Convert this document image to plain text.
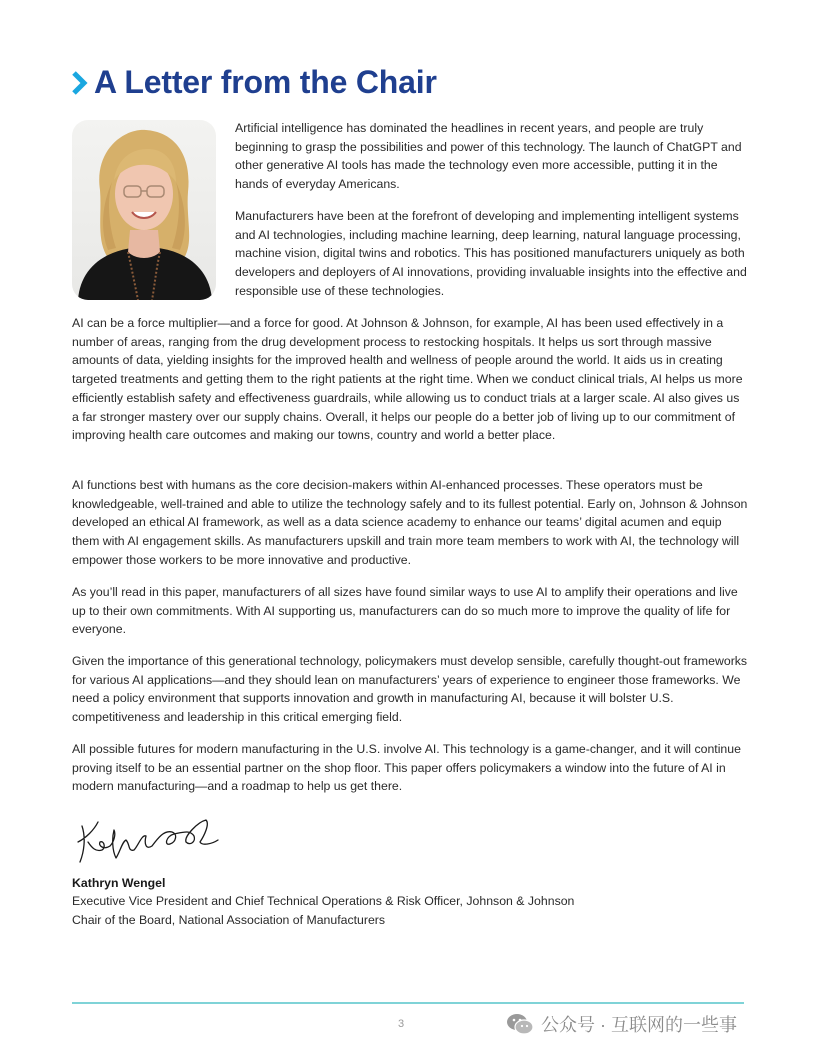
A Letter from the Chair

Artificial intelligence has dominated the headlines in recent years, and people are truly beginning to grasp the possibilities and power of this technology. The launch of ChatGPT and other generative AI tools has made the technology even more accessible, putting it in the hands of everyday Americans.

Manufacturers have been at the forefront of developing and implementing intelligent systems and AI technologies, including machine learning, deep learning, natural language processing, machine vision, digital twins and robotics. This has positioned manufacturers uniquely as both developers and deployers of AI innovations, providing invaluable insights into the effective and responsible use of these technologies.

AI can be a force multiplier—and a force for good. At Johnson & Johnson, for example, AI has been used effectively in a number of areas, ranging from the drug development process to restocking hospitals. It helps us sort through massive amounts of data, yielding insights for the improved health and wellness of people around the world. It aids us in creating targeted treatments and getting them to the right patients at the right time. When we conduct clinical trials, AI helps us more efficiently establish safety and effectiveness guardrails, while allowing us to conduct trials at a larger scale. AI also gives us a far stronger mastery over our supply chains. Overall, it helps our people do a better job of living up to our commitment of improving health care outcomes and making our towns, country and world a better place.

AI functions best with humans as the core decision-makers within AI-enhanced processes. These operators must be knowledgeable, well-trained and able to utilize the technology safely and to its fullest potential. Early on, Johnson & Johnson developed an ethical AI framework, as well as a data science academy to enhance our teams’ digital acumen and equip them with AI engagement skills. As manufacturers upskill and train more team members to work with AI, the technology will empower those workers to be more innovative and productive.

As you’ll read in this paper, manufacturers of all sizes have found similar ways to use AI to amplify their operations and live up to their own commitments. With AI supporting us, manufacturers can do so much more to improve the quality of life for everyone.

Given the importance of this generational technology, policymakers must develop sensible, carefully thought-out frameworks for various AI applications—and they should lean on manufacturers’ years of experience to engineer those frameworks. We need a policy environment that supports innovation and growth in manufacturing AI, because it will bolster U.S. competitiveness and leadership in this critical emerging field.

All possible futures for modern manufacturing in the U.S. involve AI. This technology is a game-changer, and it will continue proving itself to be an essential partner on the shop floor. This paper offers policymakers a window into the future of AI in modern manufacturing—and a roadmap to help us get there.

Kathryn Wengel
Executive Vice President and Chief Technical Operations & Risk Officer, Johnson & Johnson
Chair of the Board, National Association of Manufacturers
3	公众号 · 互联网的一些事
